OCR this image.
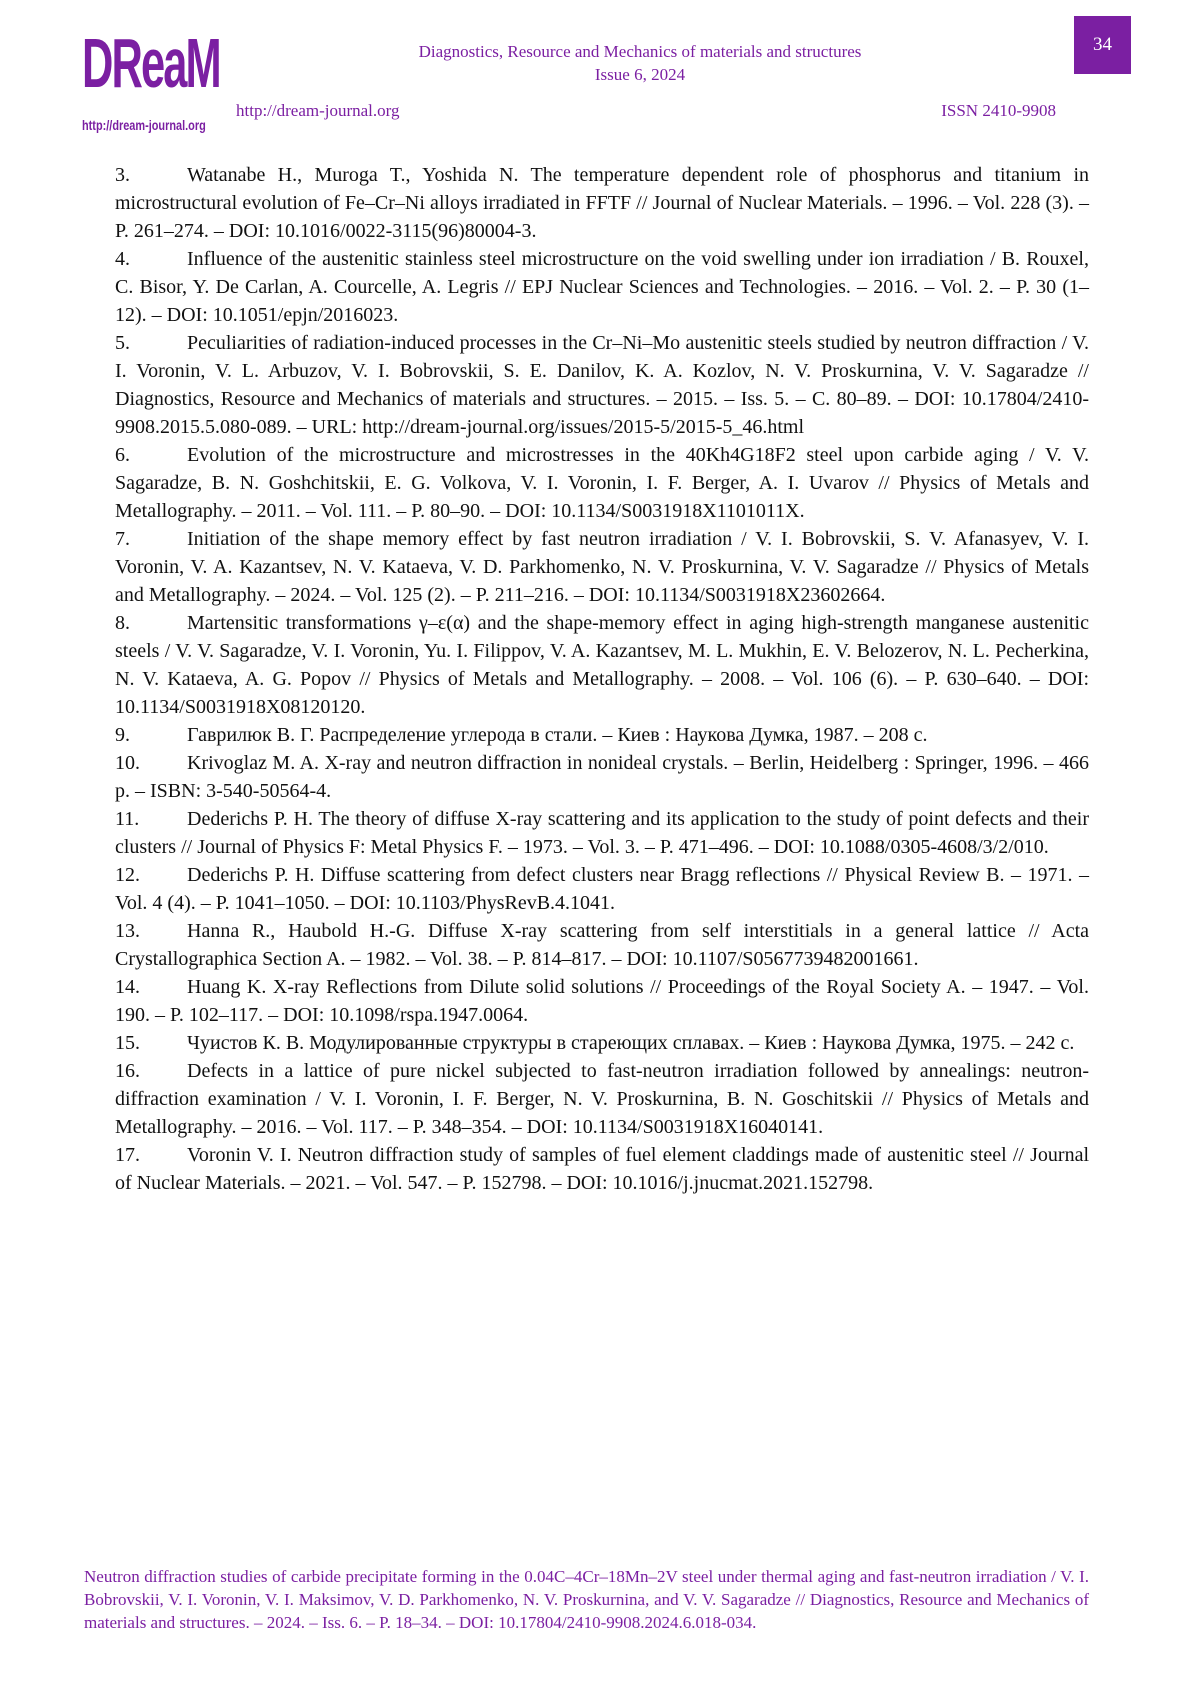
DReaM
http://dream-journal.org
Diagnostics, Resource and Mechanics of materials and structures
Issue 6, 2024
http://dream-journal.org	ISSN 2410-9908
34

3.	Watanabe H., Muroga T., Yoshida N. The temperature dependent role of phosphorus and titanium in microstructural evolution of Fe–Cr–Ni alloys irradiated in FFTF // Journal of Nuclear Materials. – 1996. – Vol. 228 (3). – P. 261–274. – DOI: 10.1016/0022-3115(96)80004-3.

4.	Influence of the austenitic stainless steel microstructure on the void swelling under ion irradiation / B. Rouxel, C. Bisor, Y. De Carlan, A. Courcelle, A. Legris // EPJ Nuclear Sciences and Technologies. – 2016. – Vol. 2. – P. 30 (1–12). – DOI: 10.1051/epjn/2016023.

5.	Peculiarities of radiation-induced processes in the Cr–Ni–Mo austenitic steels studied by neutron diffraction / V. I. Voronin, V. L. Arbuzov, V. I. Bobrovskii, S. E. Danilov, K. A. Kozlov, N. V. Proskurnina, V. V. Sagaradze // Diagnostics, Resource and Mechanics of materials and structures. – 2015. – Iss. 5. – C. 80–89. – DOI: 10.17804/2410-9908.2015.5.080-089. – URL: http://dream-journal.org/issues/2015-5/2015-5_46.html

6.	Evolution of the microstructure and microstresses in the 40Kh4G18F2 steel upon carbide aging / V. V. Sagaradze, B. N. Goshchitskii, E. G. Volkova, V. I. Voronin, I. F. Berger, A. I. Uvarov // Physics of Metals and Metallography. – 2011. – Vol. 111. – P. 80–90. – DOI: 10.1134/S0031918X1101011X.

7.	Initiation of the shape memory effect by fast neutron irradiation / V. I. Bobrovskii, S. V. Afanasyev, V. I. Voronin, V. A. Kazantsev, N. V. Kataeva, V. D. Parkhomenko, N. V. Proskurnina, V. V. Sagaradze // Physics of Metals and Metallography. – 2024. – Vol. 125 (2). – P. 211–216. – DOI: 10.1134/S0031918X23602664.

8.	Martensitic transformations γ–ε(α) and the shape-memory effect in aging high-strength manganese austenitic steels / V. V. Sagaradze, V. I. Voronin, Yu. I. Filippov, V. A. Kazantsev, M. L. Mukhin, E. V. Belozerov, N. L. Pecherkina, N. V. Kataeva, A. G. Popov // Physics of Metals and Metallography. – 2008. – Vol. 106 (6). – P. 630–640. – DOI: 10.1134/S0031918X08120120.

9.	Гаврилюк В. Г. Распределение углерода в стали. – Киев : Наукова Думка, 1987. – 208 с.

10. Krivoglaz M. A. X-ray and neutron diffraction in nonideal crystals. – Berlin, Heidelberg : Springer, 1996. – 466 p. – ISBN: 3-540-50564-4.

11. Dederichs P. H. The theory of diffuse X-ray scattering and its application to the study of point defects and their clusters // Journal of Physics F: Metal Physics F. – 1973. – Vol. 3. – P. 471–496. – DOI: 10.1088/0305-4608/3/2/010.

12. Dederichs P. H. Diffuse scattering from defect clusters near Bragg reflections // Physical Review B. – 1971. – Vol. 4 (4). – P. 1041–1050. – DOI: 10.1103/PhysRevB.4.1041.

13. Hanna R., Haubold H.-G. Diffuse X-ray scattering from self interstitials in a general lattice // Acta Crystallographica Section A. – 1982. – Vol. 38. – P. 814–817. – DOI: 10.1107/S0567739482001661.

14. Huang K. X-ray Reflections from Dilute solid solutions // Proceedings of the Royal Society A. – 1947. – Vol. 190. – P. 102–117. – DOI: 10.1098/rspa.1947.0064.

15. Чуистов К. В. Модулированные структуры в стареющих сплавах. – Киев : Наукова Думка, 1975. – 242 с.

16. Defects in a lattice of pure nickel subjected to fast-neutron irradiation followed by annealings: neutron-diffraction examination / V. I. Voronin, I. F. Berger, N. V. Proskurnina, B. N. Goschitskii // Physics of Metals and Metallography. – 2016. – Vol. 117. – P. 348–354. – DOI: 10.1134/S0031918X16040141.

17. Voronin V. I. Neutron diffraction study of samples of fuel element claddings made of austenitic steel // Journal of Nuclear Materials. – 2021. – Vol. 547. – P. 152798. – DOI: 10.1016/j.jnucmat.2021.152798.

Neutron diffraction studies of carbide precipitate forming in the 0.04C–4Cr–18Mn–2V steel under thermal aging and fast-neutron irradiation / V. I. Bobrovskii, V. I. Voronin, V. I. Maksimov, V. D. Parkhomenko, N. V. Proskurnina, and V. V. Sagaradze // Diagnostics, Resource and Mechanics of materials and structures. – 2024. – Iss. 6. – P. 18–34. – DOI: 10.17804/2410-9908.2024.6.018-034.
